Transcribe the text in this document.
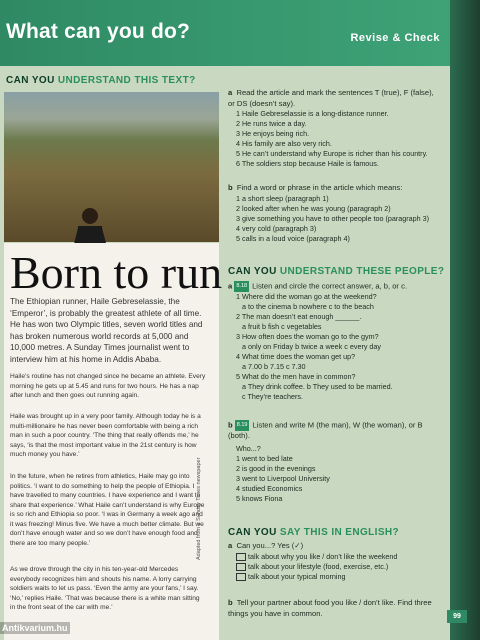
What can you do?	Revise & Check
CAN YOU UNDERSTAND THIS TEXT?
Born to run
The Ethiopian runner, Haile Gebreselassie, the ‘Emperor’, is probably the greatest athlete of all time. He has won two Olympic titles, seven world titles and has broken numerous world records at 5,000 and 10,000 metres. A Sunday Times journalist went to interview him at his home in Addis Ababa.
Haile’s routine has not changed since he became an athlete. Every morning he gets up at 5.45 and runs for two hours. He has a nap after lunch and then goes out running again.
Haile was brought up in a very poor family. Although today he is a multi-millionaire he has never been comfortable with being a rich man in such a poor country. ‘The thing that really offends me,’ he says, ‘is that the most important value in the 21st century is how much money you have.’
In the future, when he retires from athletics, Haile may go into politics. ‘I want to do something to help the people of Ethiopia. I have travelled to many countries. I have experience and I want to share that experience.’ What Haile can’t understand is why Europe is so rich and Ethiopia so poor. ‘I was in Germany a week ago and it was freezing! Minus five. We have a much better climate. But we don’t have enough water and so we don’t have enough food and there are too many people.’
As we drove through the city in his ten-year-old Mercedes everybody recognizes him and shouts his name. A lorry carrying soldiers waits to let us pass. ‘Even the army are your fans,’ I say. ‘No,’ replies Haile. ‘That was because there is a white man sitting in the front seat of the car with me.’
Adapted from a Sunday Times newspaper
a Read the article and mark the sentences T (true), F (false), or DS (doesn’t say).
1 Haile Gebreselassie is a long-distance runner.
2 He runs twice a day.
3 He enjoys being rich.
4 His family are also very rich.
5 He can’t understand why Europe is richer than his country.
6 The soldiers stop because Haile is famous.
b Find a word or phrase in the article which means:
1 a short sleep (paragraph 1)
2 looked after when he was young (paragraph 2)
3 give something you have to other people too (paragraph 3)
4 very cold (paragraph 3)
5 calls in a loud voice (paragraph 4)
CAN YOU UNDERSTAND THESE PEOPLE?
a 8.18 Listen and circle the correct answer, a, b, or c.
1 Where did the woman go at the weekend?
a to the cinema b nowhere c to the beach
2 The man doesn’t eat enough ______.
a fruit b fish c vegetables
3 How often does the woman go to the gym?
a only on Friday b twice a week c every day
4 What time does the woman get up?
a 7.00 b 7.15 c 7.30
5 What do the men have in common?
a They drink coffee. b They used to be married.
c They’re teachers.
b 8.19 Listen and write M (the man), W (the woman), or B (both).
Who...?
1 went to bed late
2 is good in the evenings
3 went to Liverpool University
4 studied Economics
5 knows Fiona
CAN YOU SAY THIS IN ENGLISH?
a Can you...? Yes (✓)
talk about why you like / don’t like the weekend
talk about your lifestyle (food, exercise, etc.)
talk about your typical morning
b Tell your partner about food you like / don’t like. Find three things you have in common.	99
Antikvarium.hu
